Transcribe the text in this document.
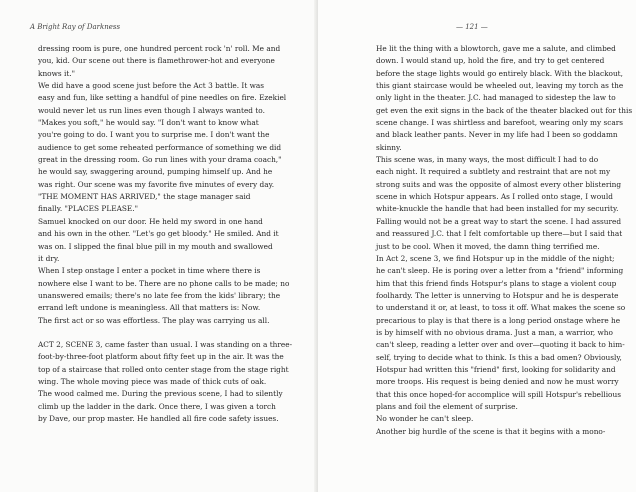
A Bright Ray of Darkness
dressing room is pure, one hundred percent rock 'n' roll. Me and
you, kid. Our scene out there is flamethrower-hot and everyone
knows it."
We did have a good scene just before the Act 3 battle. It was
easy and fun, like setting a handful of pine needles on fire. Ezekiel
would never let us run lines even though I always wanted to.
"Makes you soft," he would say. "I don't want to know what
you're going to do. I want you to surprise me. I don't want the
audience to get some reheated performance of something we did
great in the dressing room. Go run lines with your drama coach,"
he would say, swaggering around, pumping himself up. And he
was right. Our scene was my favorite five minutes of every day.
"THE MOMENT HAS ARRIVED," the stage manager said
finally. "PLACES PLEASE."
Samuel knocked on our door. He held my sword in one hand
and his own in the other. "Let's go get bloody." He smiled. And it
was on. I slipped the final blue pill in my mouth and swallowed
it dry.
When I step onstage I enter a pocket in time where there is
nowhere else I want to be. There are no phone calls to be made; no
unanswered emails; there's no late fee from the kids' library; the
errand left undone is meaningless. All that matters is: Now.
The first act or so was effortless. The play was carrying us all.
ACT 2, SCENE 3, came faster than usual. I was standing on a three-
foot-by-three-foot platform about fifty feet up in the air. It was the
top of a staircase that rolled onto center stage from the stage right
wing. The whole moving piece was made of thick cuts of oak.
The wood calmed me. During the previous scene, I had to silently
climb up the ladder in the dark. Once there, I was given a torch
by Dave, our prop master. He handled all fire code safety issues.
— 121 —
He lit the thing with a blowtorch, gave me a salute, and climbed
down. I would stand up, hold the fire, and try to get centered
before the stage lights would go entirely black. With the blackout,
this giant staircase would be wheeled out, leaving my torch as the
only light in the theater. J.C. had managed to sidestep the law to
get even the exit signs in the back of the theater blacked out for this
scene change. I was shirtless and barefoot, wearing only my scars
and black leather pants. Never in my life had I been so goddamn
skinny.
This scene was, in many ways, the most difficult I had to do
each night. It required a subtlety and restraint that are not my
strong suits and was the opposite of almost every other blistering
scene in which Hotspur appears. As I rolled onto stage, I would
white-knuckle the handle that had been installed for my security.
Falling would not be a great way to start the scene. I had assured
and reassured J.C. that I felt comfortable up there—but I said that
just to be cool. When it moved, the damn thing terrified me.
In Act 2, scene 3, we find Hotspur up in the middle of the night;
he can't sleep. He is poring over a letter from a "friend" informing
him that this friend finds Hotspur's plans to stage a violent coup
foolhardy. The letter is unnerving to Hotspur and he is desperate
to understand it or, at least, to toss it off. What makes the scene so
precarious to play is that there is a long period onstage where he
is by himself with no obvious drama. Just a man, a warrior, who
can't sleep, reading a letter over and over—quoting it back to him-
self, trying to decide what to think. Is this a bad omen? Obviously,
Hotspur had written this "friend" first, looking for solidarity and
more troops. His request is being denied and now he must worry
that this once hoped-for accomplice will spill Hotspur's rebellious
plans and foil the element of surprise.
No wonder he can't sleep.
Another big hurdle of the scene is that it begins with a mono-
